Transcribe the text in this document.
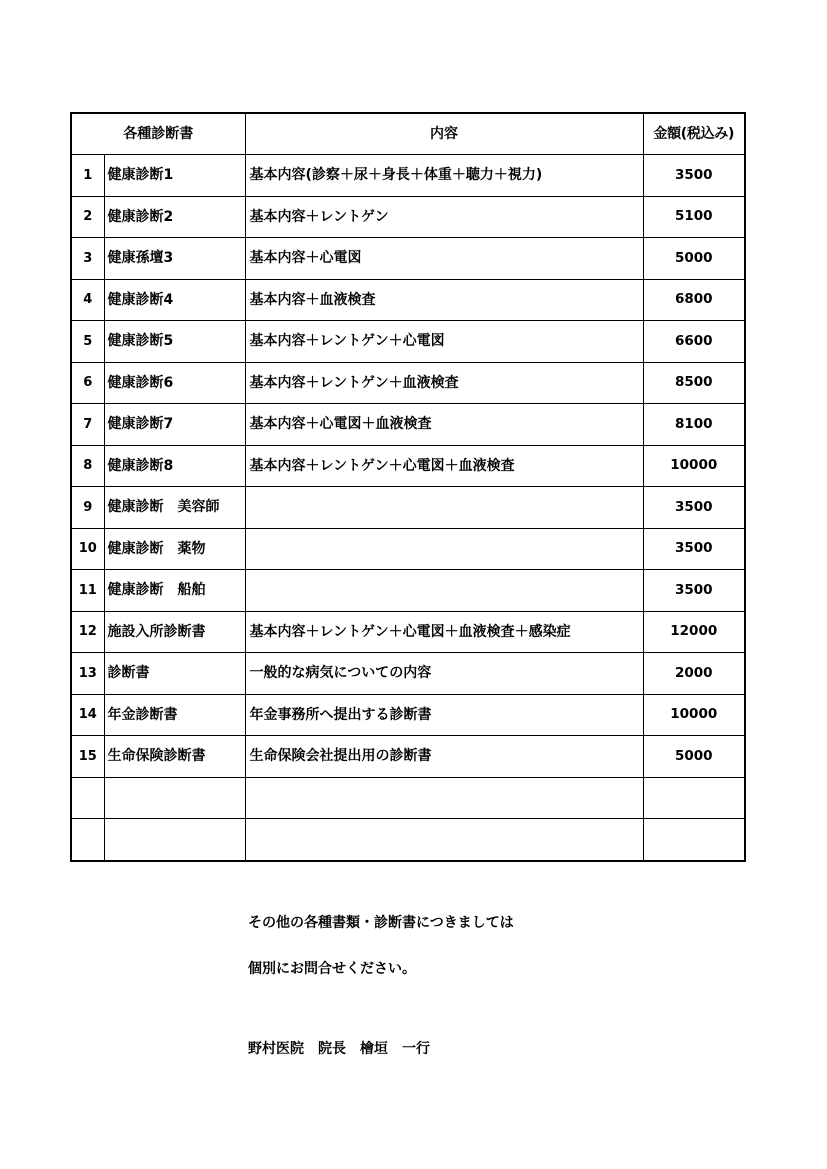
各種診断書		内容	金額(税込み)
1	健康診断1	基本内容(診察＋尿＋身長＋体重＋聴力＋視力)	3500
2	健康診断2	基本内容＋レントゲン	5100
3	健康孫壇3	基本内容＋心電図	5000
4	健康診断4	基本内容＋血液検査	6800
5	健康診断5	基本内容＋レントゲン＋心電図	6600
6	健康診断6	基本内容＋レントゲン＋血液検査	8500
7	健康診断7	基本内容＋心電図＋血液検査	8100
8	健康診断8	基本内容＋レントゲン＋心電図＋血液検査	10000
9	健康診断　美容師		3500
10	健康診断　薬物		3500
11	健康診断　船舶		3500
12	施設入所診断書	基本内容＋レントゲン＋心電図＋血液検査＋感染症	12000
13	診断書	一般的な病気についての内容	2000
14	年金診断書	年金事務所へ提出する診断書	10000
15	生命保険診断書	生命保険会社提出用の診断書	5000

その他の各種書類・診断書につきましては
個別にお問合せください。
野村医院　院長　檜垣　一行
